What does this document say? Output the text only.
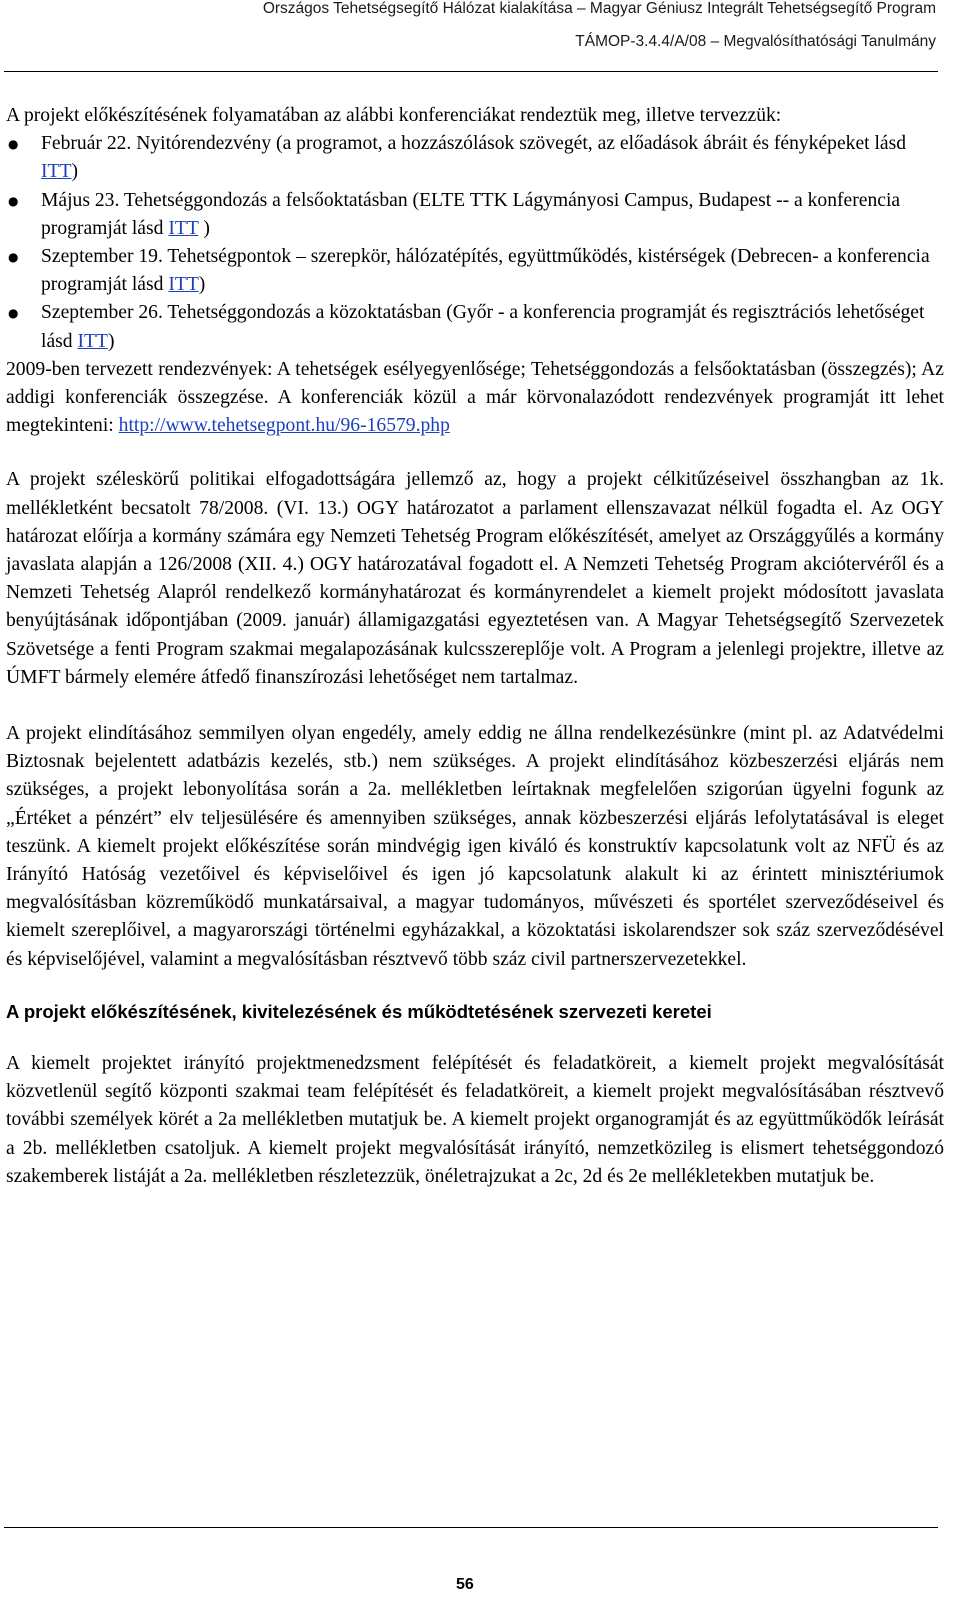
Országos Tehetségsegítő Hálózat kialakítása – Magyar Géniusz Integrált Tehetségsegítő Program
TÁMOP-3.4.4/A/08 – Megvalósíthatósági Tanulmány

A projekt előkészítésének folyamatában az alábbi konferenciákat rendeztük meg, illetve tervezzük:

● Február 22. Nyitórendezvény (a programot, a hozzászólások szövegét, az előadások ábráit és fényképeket lásd ITT)
● Május 23. Tehetséggondozás a felsőoktatásban (ELTE TTK Lágymányosi Campus, Budapest -- a konferencia programját lásd ITT )
● Szeptember 19. Tehetségpontok – szerepkör, hálózatépítés, együttműködés, kistérségek (Debrecen- a konferencia programját lásd ITT)
● Szeptember 26. Tehetséggondozás a közoktatásban (Győr - a konferencia programját és regisztrációs lehetőséget lásd ITT)

2009-ben tervezett rendezvények: A tehetségek esélyegyenlősége; Tehetséggondozás a felsőoktatásban (összegzés); Az addigi konferenciák összegzése. A konferenciák közül a már körvonalazódott rendezvények programját itt lehet megtekinteni: http://www.tehetsegpont.hu/96-16579.php

A projekt széleskörű politikai elfogadottságára jellemző az, hogy a projekt célkitűzéseivel összhangban az 1k. mellékletként becsatolt 78/2008. (VI. 13.) OGY határozatot a parlament ellenszavazat nélkül fogadta el. Az OGY határozat előírja a kormány számára egy Nemzeti Tehetség Program előkészítését, amelyet az Országgyűlés a kormány javaslata alapján a 126/2008 (XII. 4.) OGY határozatával fogadott el. A Nemzeti Tehetség Program akciótervéről és a Nemzeti Tehetség Alapról rendelkező kormányhatározat és kormányrendelet a kiemelt projekt módosított javaslata benyújtásának időpontjában (2009. január) államigazgatási egyeztetésen van. A Magyar Tehetségsegítő Szervezetek Szövetsége a fenti Program szakmai megalapozásának kulcsszereplője volt. A Program a jelenlegi projektre, illetve az ÚMFT bármely elemére átfedő finanszírozási lehetőséget nem tartalmaz.

A projekt elindításához semmilyen olyan engedély, amely eddig ne állna rendelkezésünkre (mint pl. az Adatvédelmi Biztosnak bejelentett adatbázis kezelés, stb.) nem szükséges. A projekt elindításához közbeszerzési eljárás nem szükséges, a projekt lebonyolítása során a 2a. mellékletben leírtaknak megfelelően szigorúan ügyelni fogunk az „Értéket a pénzért” elv teljesülésére és amennyiben szükséges, annak közbeszerzési eljárás lefolytatásával is eleget teszünk. A kiemelt projekt előkészítése során mindvégig igen kiváló és konstruktív kapcsolatunk volt az NFÜ és az Irányító Hatóság vezetőivel és képviselőivel és igen jó kapcsolatunk alakult ki az érintett minisztériumok megvalósításban közreműködő munkatársaival, a magyar tudományos, művészeti és sportélet szerveződéseivel és kiemelt szereplőivel, a magyarországi történelmi egyházakkal, a közoktatási iskolarendszer sok száz szerveződésével és képviselőjével, valamint a megvalósításban résztvevő több száz civil partnerszervezetekkel.

A projekt előkészítésének, kivitelezésének és működtetésének szervezeti keretei

A kiemelt projektet irányító projektmenedzsment felépítését és feladatköreit, a kiemelt projekt megvalósítását közvetlenül segítő központi szakmai team felépítését és feladatköreit, a kiemelt projekt megvalósításában résztvevő további személyek körét a 2a mellékletben mutatjuk be. A kiemelt projekt organogramját és az együttműködők leírását a 2b. mellékletben csatoljuk. A kiemelt projekt megvalósítását irányító, nemzetközileg is elismert tehetséggondozó szakemberek listáját a 2a. mellékletben részletezzük, önéletrajzukat a 2c, 2d és 2e mellékletekben mutatjuk be.

56
